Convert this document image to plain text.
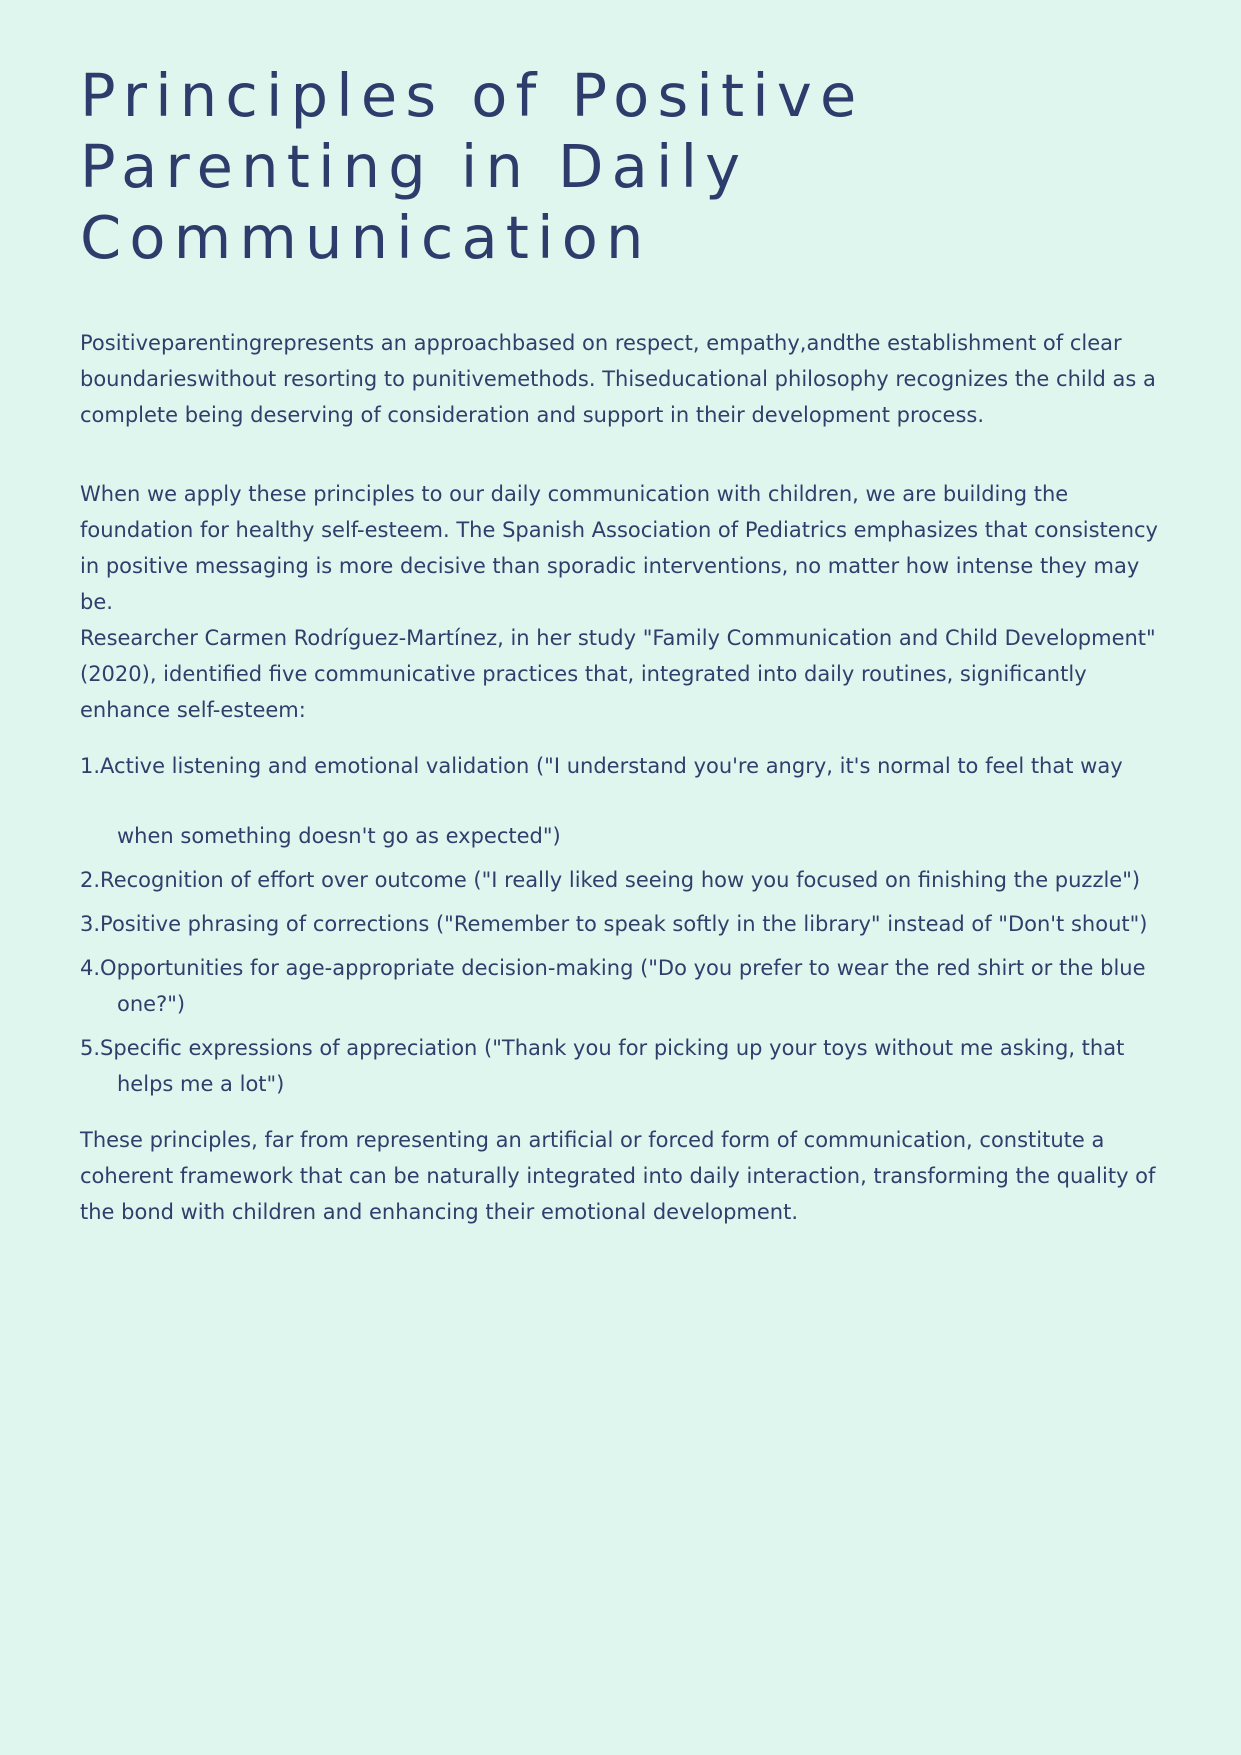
Principles of Positive Parenting in Daily Communication

Positiveparentingrepresents an approachbased on respect, empathy,andthe establishment of clear boundarieswithout resorting to punitivemethods. Thiseducational philosophy recognizes the child as a complete being deserving of consideration and support in their development process.

When we apply these principles to our daily communication with children, we are building the foundation for healthy self-esteem. The Spanish Association of Pediatrics emphasizes that consistency in positive messaging is more decisive than sporadic interventions, no matter how intense they may be.

Researcher Carmen Rodríguez-Martínez, in her study "Family Communication and Child Development" (2020), identified five communicative practices that, integrated into daily routines, significantly enhance self-esteem:

1.Active listening and emotional validation ("I understand you're angry, it's normal to feel that way
when something doesn't go as expected")
2.Recognition of effort over outcome ("I really liked seeing how you focused on finishing the puzzle")
3.Positive phrasing of corrections ("Remember to speak softly in the library" instead of "Don't shout")
4.Opportunities for age-appropriate decision-making ("Do you prefer to wear the red shirt or the blue one?")
5.Specific expressions of appreciation ("Thank you for picking up your toys without me asking, that helps me a lot")

These principles, far from representing an artificial or forced form of communication, constitute a coherent framework that can be naturally integrated into daily interaction, transforming the quality of the bond with children and enhancing their emotional development.
